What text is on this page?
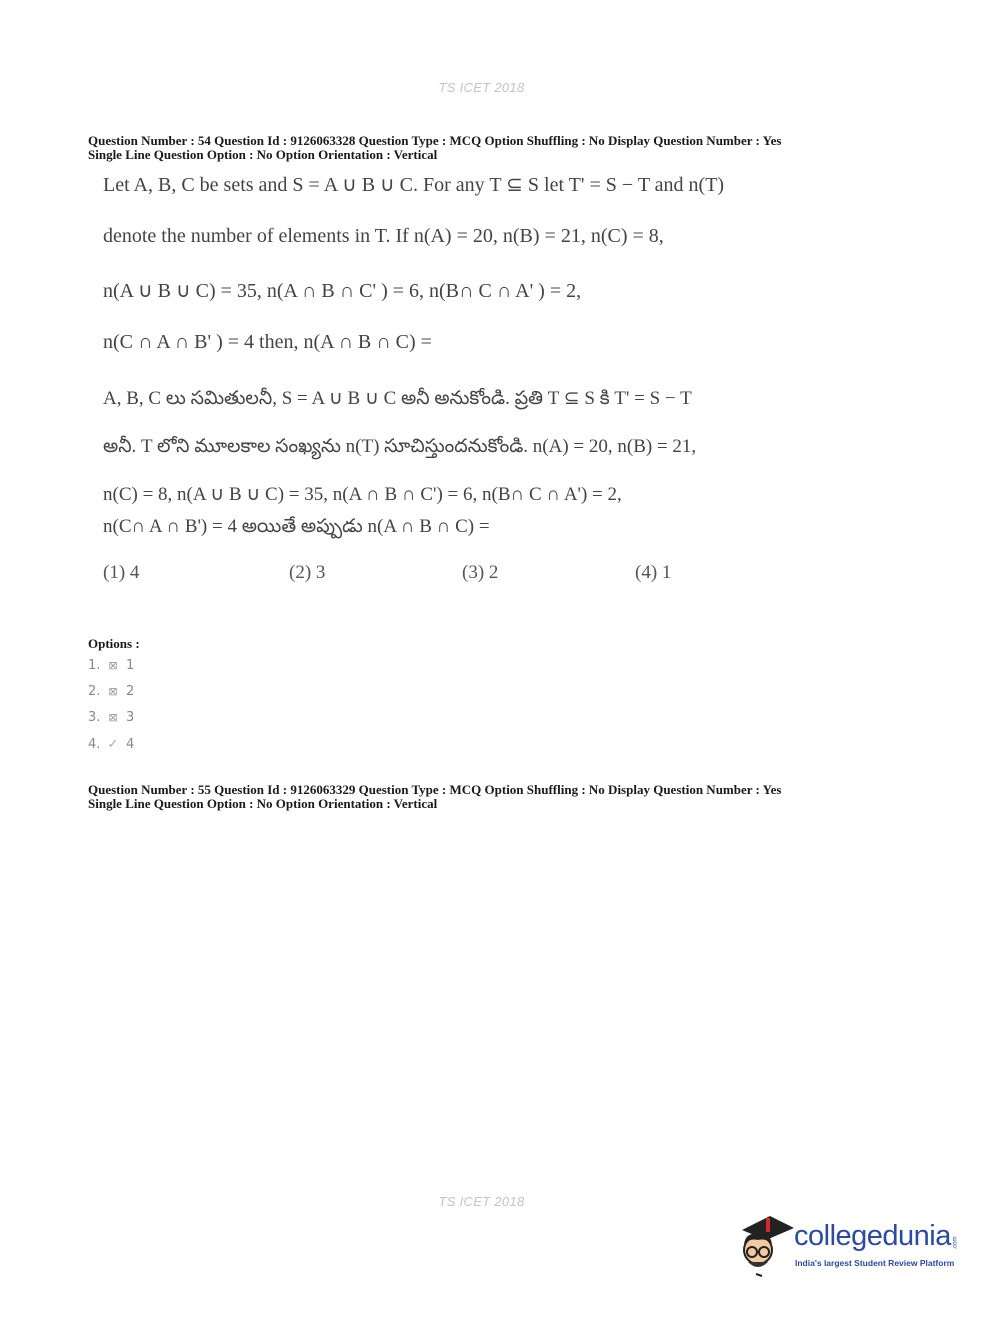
TS ICET 2018
Question Number : 54 Question Id : 9126063328 Question Type : MCQ Option Shuffling : No Display Question Number : Yes
Single Line Question Option : No Option Orientation : Vertical
Let A, B, C be sets and S = A ∪ B ∪ C. For any T ⊆ S let T' = S − T and n(T)
denote the number of elements in T. If n(A) = 20, n(B) = 21, n(C) = 8,
n(A ∪ B ∪ C) = 35, n(A ∩ B ∩ C' ) = 6, n(B∩ C ∩ A' ) = 2,
n(C ∩ A ∩ B' ) = 4 then, n(A ∩ B ∩ C) =
A, B, C లు సమితులనీ, S = A ∪ B ∪ C అనీ అనుకోండి. ప్రతి T ⊆ S కి T' = S − T
అనీ. T లోని మూలకాల సంఖ్యను n(T) సూచిస్తుందనుకోండి. n(A) = 20, n(B) = 21,
n(C) = 8, n(A ∪ B ∪ C) = 35, n(A ∩ B ∩ C') = 6, n(B∩ C ∩ A') = 2,
n(C∩ A ∩ B') = 4 అయితే అప్పుడు n(A ∩ B ∩ C) =
(1) 4	(2) 3	(3) 2	(4) 1
Options :
1. ⊠ 1
2. ⊠ 2
3. ⊠ 3
4. ✓ 4
Question Number : 55 Question Id : 9126063329 Question Type : MCQ Option Shuffling : No Display Question Number : Yes
Single Line Question Option : No Option Orientation : Vertical
TS ICET 2018
collegedunia .com
India's largest Student Review Platform
